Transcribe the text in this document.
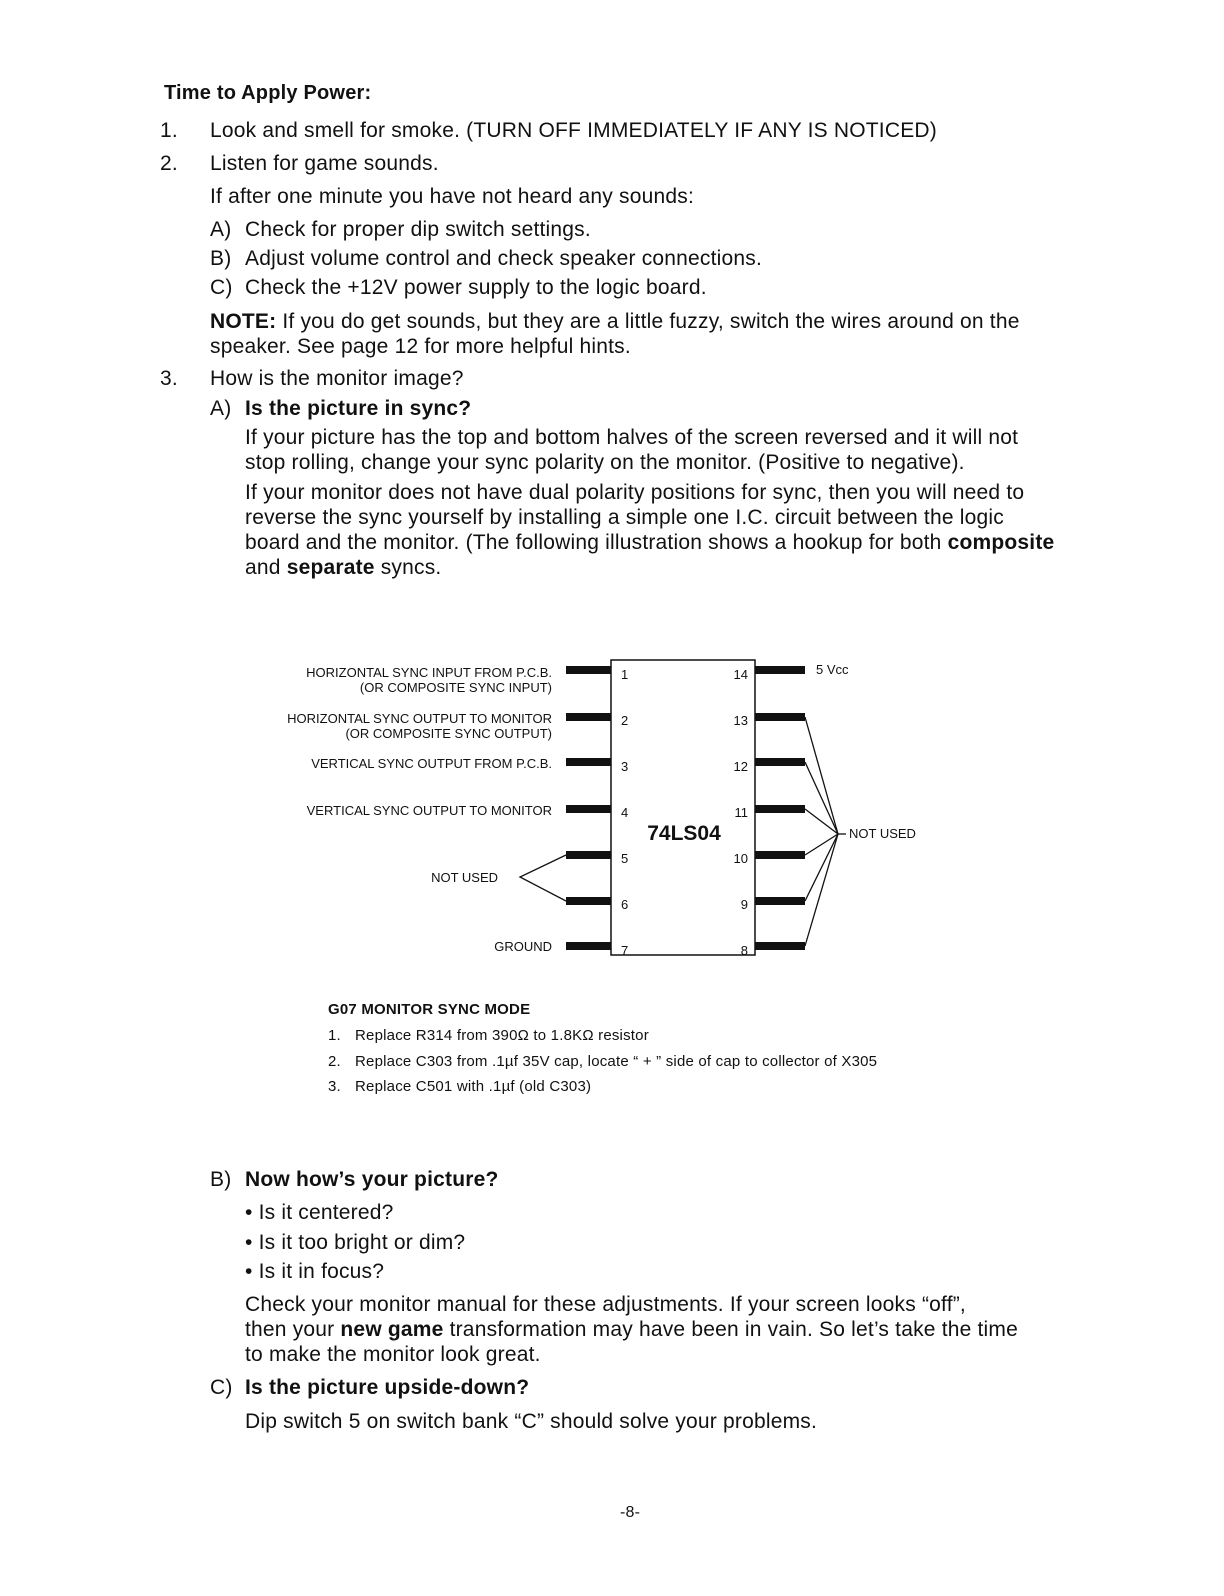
Time to Apply Power:
1. Look and smell for smoke. (TURN OFF IMMEDIATELY IF ANY IS NOTICED)
2. Listen for game sounds.
If after one minute you have not heard any sounds:
A) Check for proper dip switch settings.
B) Adjust volume control and check speaker connections.
C) Check the +12V power supply to the logic board.
NOTE: If you do get sounds, but they are a little fuzzy, switch the wires around on the
speaker. See page 12 for more helpful hints.
3. How is the monitor image?
A) Is the picture in sync?
If your picture has the top and bottom halves of the screen reversed and it will not
stop rolling, change your sync polarity on the monitor. (Positive to negative).
If your monitor does not have dual polarity positions for sync, then you will need to
reverse the sync yourself by installing a simple one I.C. circuit between the logic
board and the monitor. (The following illustration shows a hookup for both composite
and separate syncs.
74LS04
1
2
3
4
5
6
7
14
13
12
11
10
9
8
HORIZONTAL SYNC INPUT FROM P.C.B.
(OR COMPOSITE SYNC INPUT)
HORIZONTAL SYNC OUTPUT TO MONITOR
(OR COMPOSITE SYNC OUTPUT)
VERTICAL SYNC OUTPUT FROM P.C.B.
VERTICAL SYNC OUTPUT TO MONITOR
NOT USED
GROUND
5 Vcc
NOT USED
G07 MONITOR SYNC MODE
1. Replace R314 from 390Ω to 1.8KΩ resistor
2. Replace C303 from .1µf 35V cap, locate “ + ” side of cap to collector of X305
3. Replace C501 with .1µf (old C303)
B) Now how’s your picture?
• Is it centered?
• Is it too bright or dim?
• Is it in focus?
Check your monitor manual for these adjustments. If your screen looks “off”,
then your new game transformation may have been in vain. So let’s take the time
to make the monitor look great.
C) Is the picture upside-down?
Dip switch 5 on switch bank “C” should solve your problems.
-8-
